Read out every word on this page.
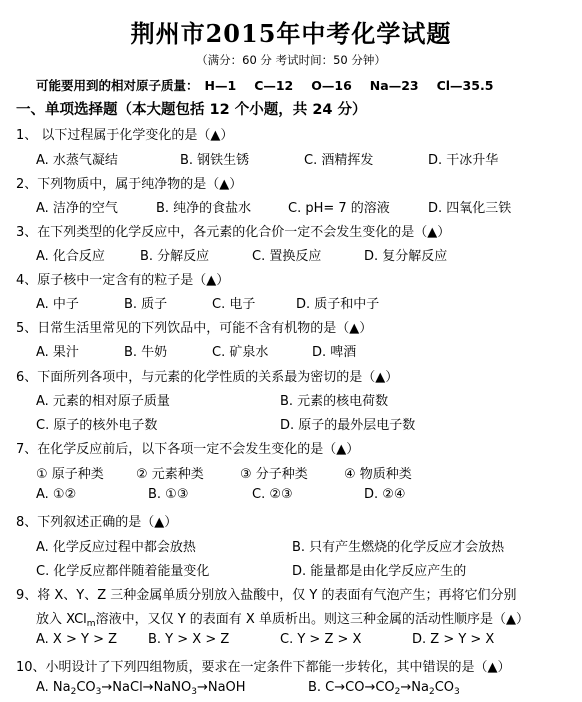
荆州市2015年中考化学试题
（满分：60 分 考试时间：50 分钟）
可能要用到的相对原子质量： H—1 C—12 O—16 Na—23 Cl—35.5
一、单项选择题（本大题包括 12 个小题，共 24 分）
1、 以下过程属于化学变化的是（▲）
A. 水蒸气凝结	B. 钢铁生锈	C. 酒精挥发	D. 干冰升华
2、下列物质中，属于纯净物的是（▲）
A. 洁净的空气	B. 纯净的食盐水	C. pH= 7 的溶液	D. 四氧化三铁
3、在下列类型的化学反应中，各元素的化合价一定不会发生变化的是（▲）
A. 化合反应	B. 分解反应	C. 置换反应	D. 复分解反应
4、原子核中一定含有的粒子是（▲）
A. 中子	B. 质子	C. 电子	D. 质子和中子
5、日常生活里常见的下列饮品中，可能不含有机物的是（▲）
A. 果汁	B. 牛奶	C. 矿泉水	D. 啤酒
6、下面所列各项中，与元素的化学性质的关系最为密切的是（▲）
A. 元素的相对原子质量	B. 元素的核电荷数
C. 原子的核外电子数	D. 原子的最外层电子数
7、在化学反应前后，以下各项一定不会发生变化的是（▲）
① 原子种类 ② 元素种类	③ 分子种类	④ 物质种类
A. ①②	B. ①③	C. ②③	D. ②④
8、下列叙述正确的是（▲）
A. 化学反应过程中都会放热	B. 只有产生燃烧的化学反应才会放热
C. 化学反应都伴随着能量变化	D. 能量都是由化学反应产生的
9、将 X、Y、Z 三种金属单质分别放入盐酸中，仅 Y 的表面有气泡产生；再将它们分别
放入 XCl$_m$溶液中，又仅 Y 的表面有 X 单质析出。则这三种金属的活动性顺序是（▲）
A. X > Y > Z B. Y > X > Z	C. Y > Z > X	D. Z > Y > X
10、小明设计了下列四组物质，要求在一定条件下都能一步转化，其中错误的是（▲）
A. $Na_2CO_3\to NaCl\to NaNO_3\to NaOH$	B. $C\to CO\to CO_2\to Na_2CO_3$
